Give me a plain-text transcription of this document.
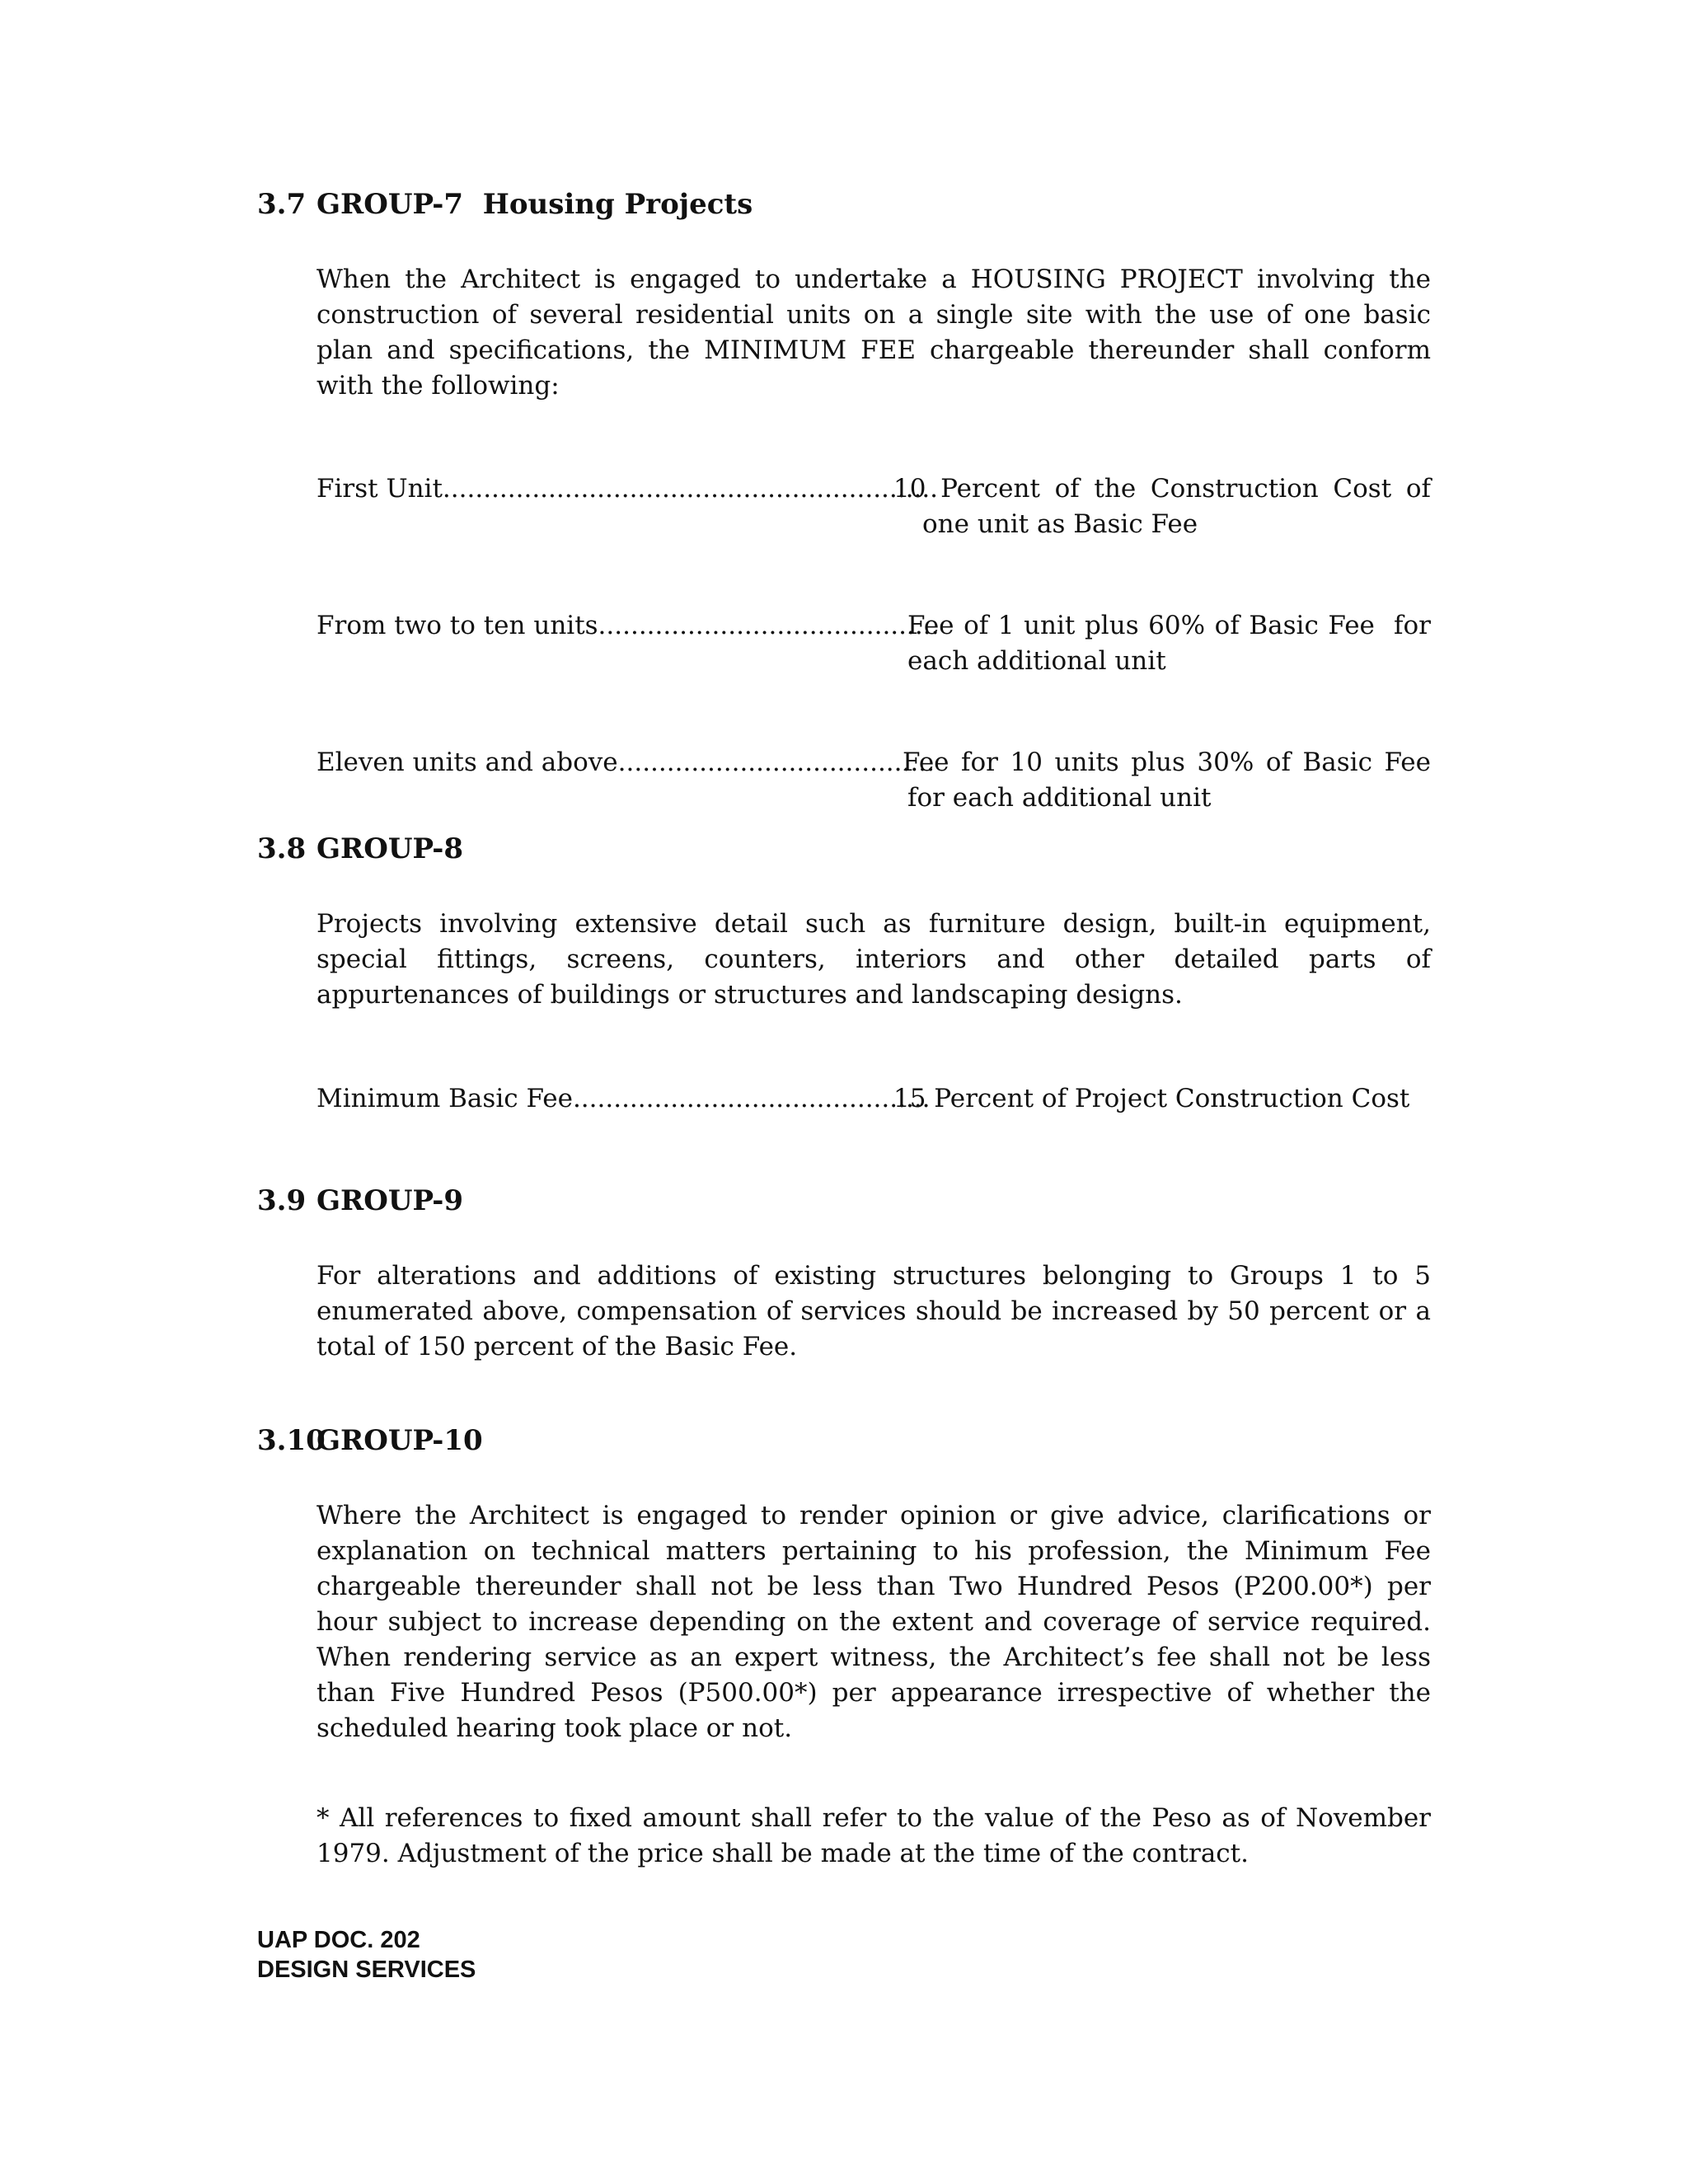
3.7 GROUP-7  Housing Projects
When the Architect is engaged to undertake a HOUSING PROJECT involving the construction of several residential units on a single site with the use of one basic plan and specifications, the MINIMUM FEE chargeable thereunder shall conform with the following:
First Unit.............................................................
10 Percent of the Construction Cost of one unit as Basic Fee
From two to ten units..........................................
Fee of 1 unit plus 60% of Basic Fee  for each additional unit
Eleven units and above.......................................
Fee for 10 units plus 30% of Basic Fee for each additional unit
3.8 GROUP-8
Projects involving extensive detail such as furniture design, built-in equipment, special fittings, screens, counters, interiors and other detailed parts of appurtenances of buildings or structures and landscaping designs.
Minimum Basic Fee............................................
15 Percent of Project Construction Cost
3.9 GROUP-9
For alterations and additions of existing structures belonging to Groups 1 to 5 enumerated above, compensation of services should be increased by 50 percent or a total of 150 percent of the Basic Fee.
3.10GROUP-10
Where the Architect is engaged to render opinion or give advice, clarifications or explanation on technical matters pertaining to his profession, the Minimum Fee chargeable thereunder shall not be less than Two Hundred Pesos (P200.00*) per hour subject to increase depending on the extent and coverage of service required. When rendering service as an expert witness, the Architect’s fee shall not be less than Five Hundred Pesos (P500.00*) per appearance irrespective of whether the scheduled hearing took place or not.
* All references to fixed amount shall refer to the value of the Peso as of November 1979. Adjustment of the price shall be made at the time of the contract.
UAP DOC. 202
DESIGN SERVICES
